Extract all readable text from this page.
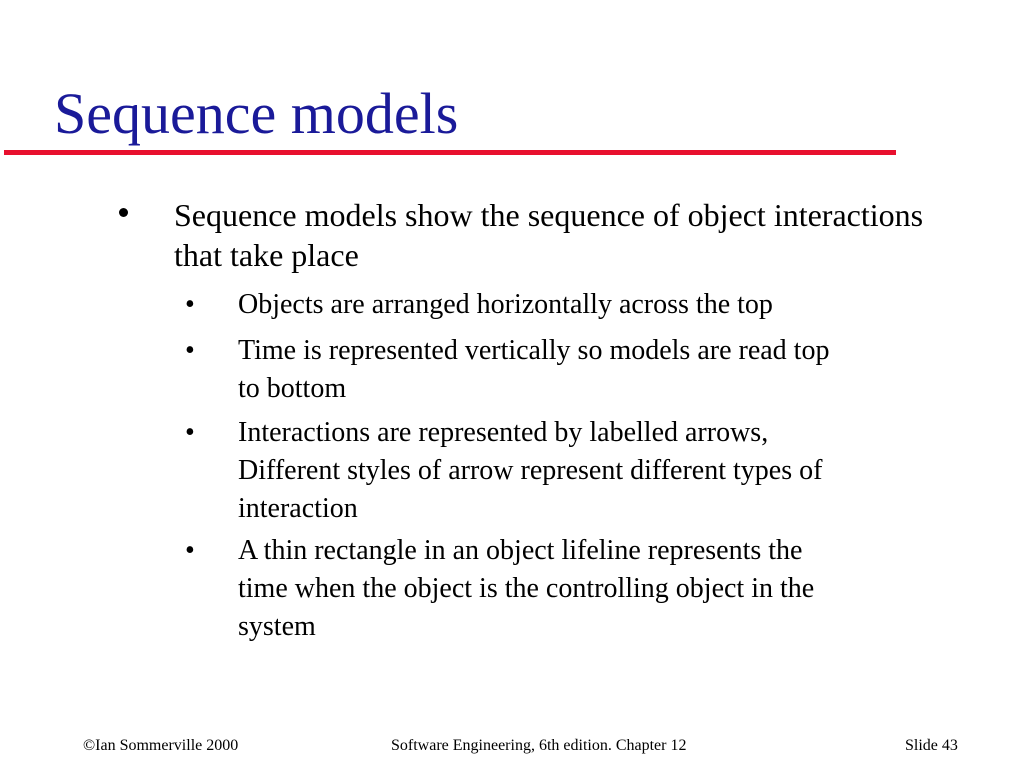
Sequence models

Sequence models show the sequence of object interactions that take place

• Objects are arranged horizontally across the top

• Time is represented vertically so models are read top
to bottom

• Interactions are represented by labelled arrows,
Different styles of arrow represent different types of
interaction

• A thin rectangle in an object lifeline represents the
time when the object is the controlling object in the
system

©Ian Sommerville 2000	Software Engineering, 6th edition. Chapter 12	Slide 43
